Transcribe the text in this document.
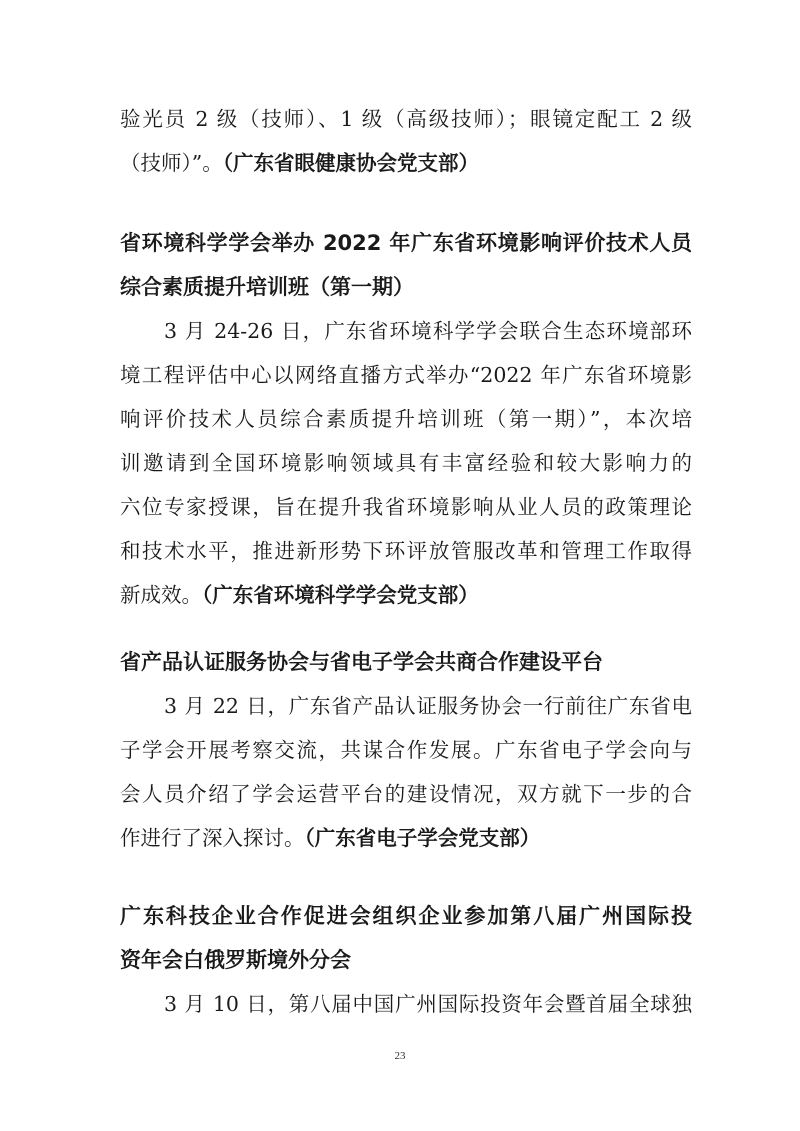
验光员 2 级（技师）、1 级（高级技师）；眼镜定配工 2 级
（技师）”。（广东省眼健康协会党支部）
省环境科学学会举办 2022 年广东省环境影响评价技术人员
综合素质提升培训班（第一期）
3 月 24-26 日，广东省环境科学学会联合生态环境部环
境工程评估中心以网络直播方式举办“2022 年广东省环境影
响评价技术人员综合素质提升培训班（第一期）”，本次培
训邀请到全国环境影响领域具有丰富经验和较大影响力的
六位专家授课，旨在提升我省环境影响从业人员的政策理论
和技术水平，推进新形势下环评放管服改革和管理工作取得
新成效。（广东省环境科学学会党支部）
省产品认证服务协会与省电子学会共商合作建设平台
3 月 22 日，广东省产品认证服务协会一行前往广东省电
子学会开展考察交流，共谋合作发展。广东省电子学会向与
会人员介绍了学会运营平台的建设情况，双方就下一步的合
作进行了深入探讨。（广东省电子学会党支部）
广东科技企业合作促进会组织企业参加第八届广州国际投
资年会白俄罗斯境外分会
3 月 10 日，第八届中国广州国际投资年会暨首届全球独
23
